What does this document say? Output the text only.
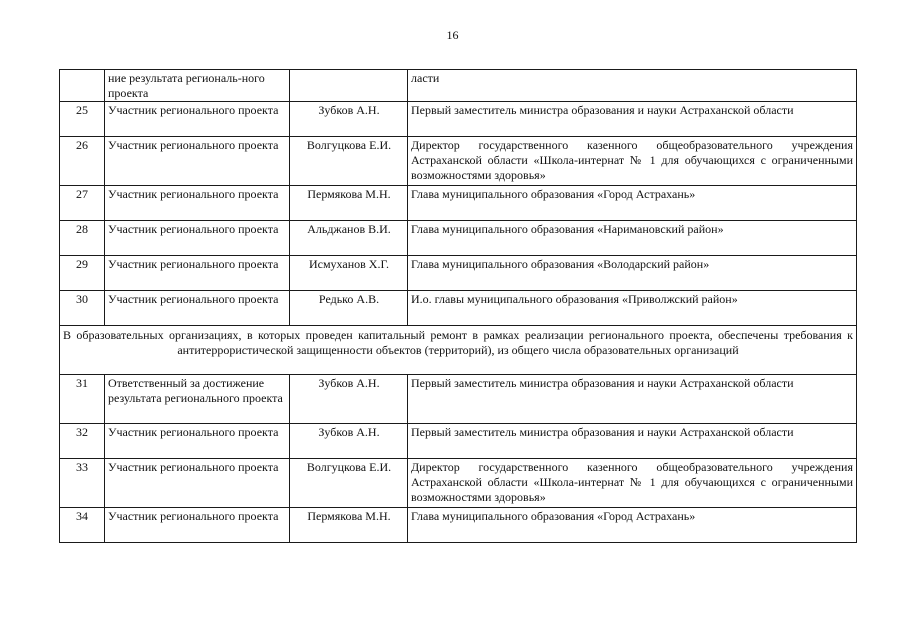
16
	ние результата региональ-ного проекта		ласти
25	Участник регионального проекта	Зубков А.Н.	Первый заместитель министра образования и науки Астраханской области
26	Участник регионального проекта	Волгуцкова Е.И.	Директор государственного казенного общеобразовательного учреждения Астраханской области «Школа-интернат № 1 для обучающихся с ограниченными возможностями здоровья»
27	Участник регионального проекта	Пермякова М.Н.	Глава муниципального образования «Город Астрахань»
28	Участник регионального проекта	Альджанов В.И.	Глава муниципального образования «Наримановский район»
29	Участник регионального проекта	Исмуханов Х.Г.	Глава муниципального образования «Володарский район»
30	Участник регионального проекта	Редько А.В.	И.о. главы муниципального образования «Приволжский район»
В образовательных организациях, в которых проведен капитальный ремонт в рамках реализации регионального проекта, обеспечены требования к антитеррористической защищенности объектов (территорий), из общего числа образовательных организаций			
31	Ответственный за достижение результата регионального проекта	Зубков А.Н.	Первый заместитель министра образования и науки Астраханской области
32	Участник регионального проекта	Зубков А.Н.	Первый заместитель министра образования и науки Астраханской области
33	Участник регионального проекта	Волгуцкова Е.И.	Директор государственного казенного общеобразовательного учреждения Астраханской области «Школа-интернат № 1 для обучающихся с ограниченными возможностями здоровья»
34	Участник регионального проекта	Пермякова М.Н.	Глава муниципального образования «Город Астрахань»
